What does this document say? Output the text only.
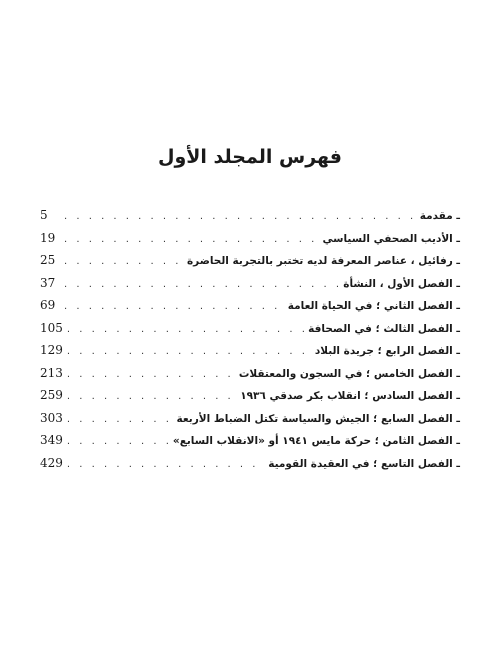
فهرس المجلد الأول
ـ مقدمة
. . .
5
ـ الأديب الصحفي السياسي
. . .
19
ـ رفائيل ، عناصر المعرفة لديه تختبر بالتجربة الحاضرة
. . .
25
ـ الفصل الأول ، النشأة
. . .
37
ـ الفصل الثاني ؛ في الحياة العامة
. . .
69
ـ الفصل الثالث ؛ في الصحافة
. . .
105
ـ الفصل الرابع ؛ جريدة البلاد
. . .
129
ـ الفصل الخامس ؛ في السجون والمعتقلات
. . .
213
ـ الفصل السادس ؛ انقلاب بكر صدقي ١٩٣٦
. . .
259
ـ الفصل السابع ؛ الجيش والسياسة تكتل الضباط الأربعة
. . .
303
ـ الفصل الثامن ؛ حركة مايس ١٩٤١ أو «الانقلاب السابع»
. . .
349
ـ الفصل التاسع ؛ في العقيدة القومية
. . .
429
